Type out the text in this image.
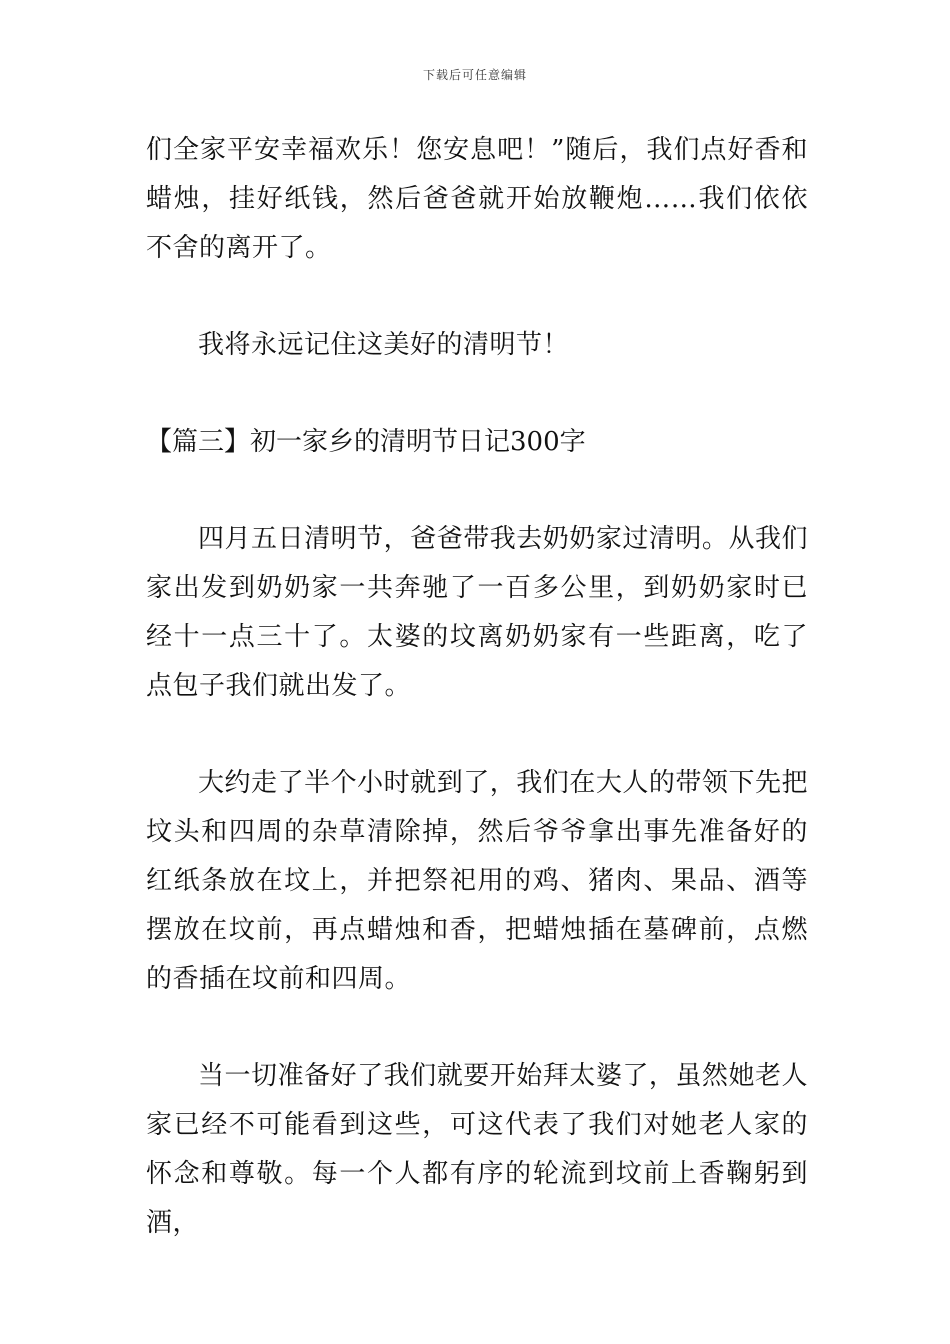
下载后可任意编辑

们全家平安幸福欢乐！您安息吧！”随后，我们点好香和蜡烛，挂好纸钱，然后爸爸就开始放鞭炮……我们依依不舍的离开了。

我将永远记住这美好的清明节！

【篇三】初一家乡的清明节日记300字

四月五日清明节，爸爸带我去奶奶家过清明。从我们家出发到奶奶家一共奔驰了一百多公里，到奶奶家时已经十一点三十了。太婆的坟离奶奶家有一些距离，吃了点包子我们就出发了。

大约走了半个小时就到了，我们在大人的带领下先把坟头和四周的杂草清除掉，然后爷爷拿出事先准备好的红纸条放在坟上，并把祭祀用的鸡、猪肉、果品、酒等摆放在坟前，再点蜡烛和香，把蜡烛插在墓碑前，点燃的香插在坟前和四周。

当一切准备好了我们就要开始拜太婆了，虽然她老人家已经不可能看到这些，可这代表了我们对她老人家的怀念和尊敬。每一个人都有序的轮流到坟前上香鞠躬到酒，
